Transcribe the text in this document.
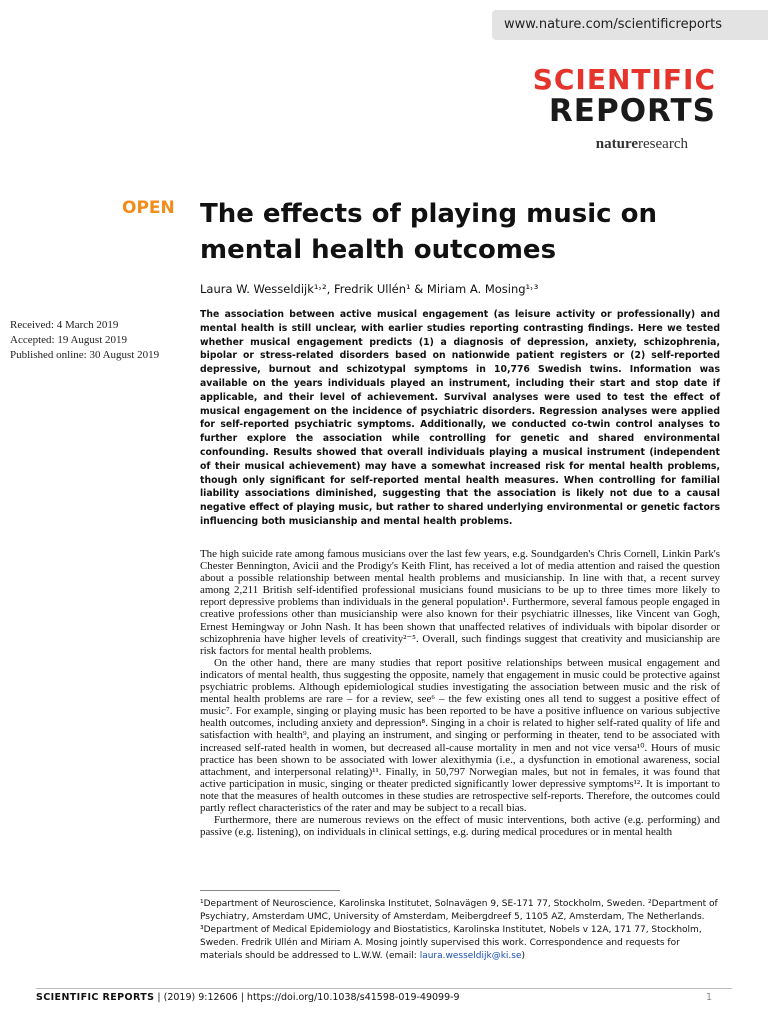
www.nature.com/scientificreports
SCIENTIFIC
REPORTS
natureresearch
OPEN The effects of playing music on mental health outcomes
Laura W. Wesseldijk¹˒², Fredrik Ullén¹ & Miriam A. Mosing¹˒³
Received: 4 March 2019
Accepted: 19 August 2019
Published online: 30 August 2019

The association between active musical engagement (as leisure activity or professionally) and mental health is still unclear, with earlier studies reporting contrasting findings. Here we tested whether musical engagement predicts (1) a diagnosis of depression, anxiety, schizophrenia, bipolar or stress-related disorders based on nationwide patient registers or (2) self-reported depressive, burnout and schizotypal symptoms in 10,776 Swedish twins. Information was available on the years individuals played an instrument, including their start and stop date if applicable, and their level of achievement. Survival analyses were used to test the effect of musical engagement on the incidence of psychiatric disorders. Regression analyses were applied for self-reported psychiatric symptoms. Additionally, we conducted co-twin control analyses to further explore the association while controlling for genetic and shared environmental confounding. Results showed that overall individuals playing a musical instrument (independent of their musical achievement) may have a somewhat increased risk for mental health problems, though only significant for self-reported mental health measures. When controlling for familial liability associations diminished, suggesting that the association is likely not due to a causal negative effect of playing music, but rather to shared underlying environmental or genetic factors influencing both musicianship and mental health problems.

The high suicide rate among famous musicians over the last few years, e.g. Soundgarden's Chris Cornell, Linkin Park's Chester Bennington, Avicii and the Prodigy's Keith Flint, has received a lot of media attention and raised the question about a possible relationship between mental health problems and musicianship. In line with that, a recent survey among 2,211 British self-identified professional musicians found musicians to be up to three times more likely to report depressive problems than individuals in the general population¹. Furthermore, several famous people engaged in creative professions other than musicianship were also known for their psychiatric illnesses, like Vincent van Gogh, Ernest Hemingway or John Nash. It has been shown that unaffected relatives of individuals with bipolar disorder or schizophrenia have higher levels of creativity²⁻⁵. Overall, such findings suggest that creativity and musicianship are risk factors for mental health problems.

On the other hand, there are many studies that report positive relationships between musical engagement and indicators of mental health, thus suggesting the opposite, namely that engagement in music could be protective against psychiatric problems. Although epidemiological studies investigating the association between music and the risk of mental health problems are rare – for a review, see⁶ – the few existing ones all tend to suggest a positive effect of music⁷. For example, singing or playing music has been reported to be have a positive influence on various subjective health outcomes, including anxiety and depression⁸. Singing in a choir is related to higher self-rated quality of life and satisfaction with health⁹, and playing an instrument, and singing or performing in theater, tend to be associated with increased self-rated health in women, but decreased all-cause mortality in men and not vice versa¹⁰. Hours of music practice has been shown to be associated with lower alexithymia (i.e., a dysfunction in emotional awareness, social attachment, and interpersonal relating)¹¹. Finally, in 50,797 Norwegian males, but not in females, it was found that active participation in music, singing or theater predicted significantly lower depressive symptoms¹². It is important to note that the measures of health outcomes in these studies are retrospective self-reports. Therefore, the outcomes could partly reflect characteristics of the rater and may be subject to a recall bias.

Furthermore, there are numerous reviews on the effect of music interventions, both active (e.g. performing) and passive (e.g. listening), on individuals in clinical settings, e.g. during medical procedures or in mental health

¹Department of Neuroscience, Karolinska Institutet, Solnavägen 9, SE-171 77, Stockholm, Sweden. ²Department of Psychiatry, Amsterdam UMC, University of Amsterdam, Meibergdreef 5, 1105 AZ, Amsterdam, The Netherlands. ³Department of Medical Epidemiology and Biostatistics, Karolinska Institutet, Nobels v 12A, 171 77, Stockholm, Sweden. Fredrik Ullén and Miriam A. Mosing jointly supervised this work. Correspondence and requests for materials should be addressed to L.W.W. (email: laura.wesseldijk@ki.se)

SCIENTIFIC REPORTS | (2019) 9:12606 | https://doi.org/10.1038/s41598-019-49099-9	1
